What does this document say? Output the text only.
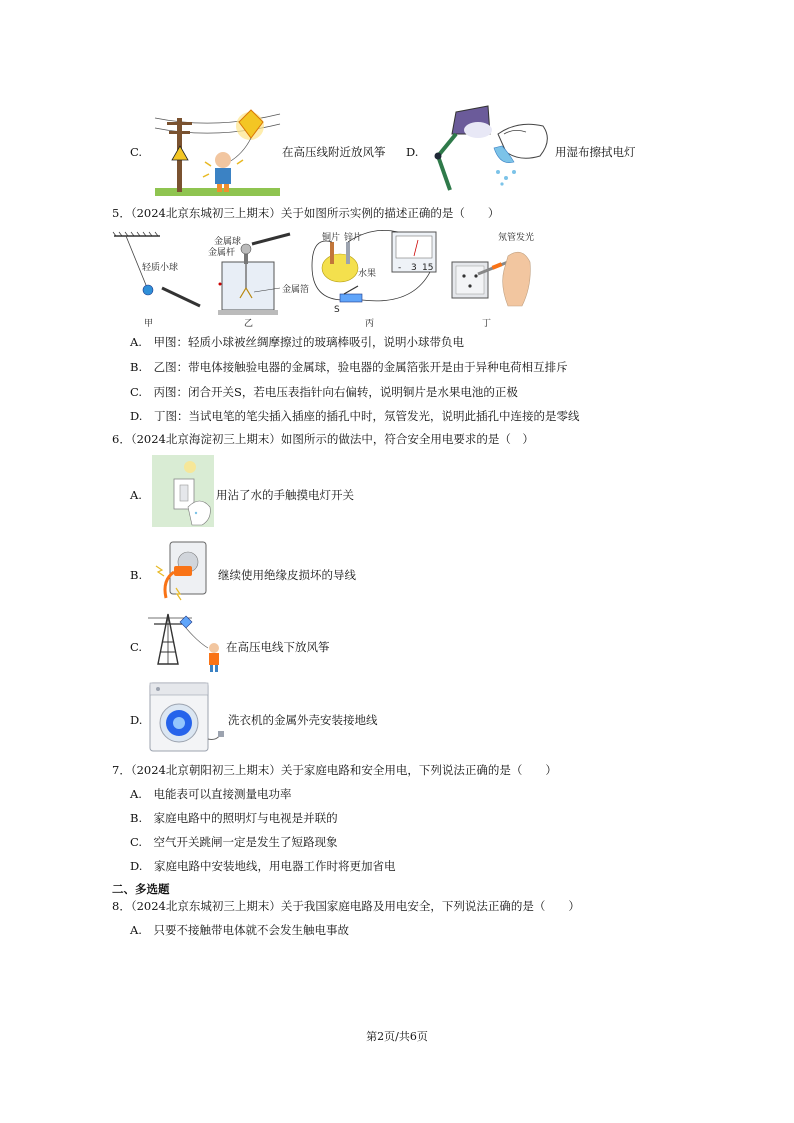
C.	在高压线附近放风筝 D.	用湿布擦拭电灯
5．（2024北京东城初三上期末）关于如图所示实例的描述正确的是（　　）
轻质小球
甲
金属球
金属杆
金属箔
乙
- 3 15
铜片 锌片
水果
S
丙
氖管发光
丁
A.  甲图：轻质小球被丝绸摩擦过的玻璃棒吸引，说明小球带负电
B.  乙图：带电体接触验电器的金属球，验电器的金属箔张开是由于异种电荷相互排斥
C.  丙图：闭合开关S，若电压表指针向右偏转，说明铜片是水果电池的正极
D.  丁图：当试电笔的笔尖插入插座的插孔中时，氖管发光，说明此插孔中连接的是零线
6．（2024北京海淀初三上期末）如图所示的做法中，符合安全用电要求的是（　）
A.	用沾了水的手触摸电灯开关
B.	继续使用绝缘皮损坏的导线
C.	在高压电线下放风筝
D.	洗衣机的金属外壳安装接地线
7．（2024北京朝阳初三上期末）关于家庭电路和安全用电，下列说法正确的是（　　）
A.  电能表可以直接测量电功率
B.  家庭电路中的照明灯与电视是并联的
C.  空气开关跳闸一定是发生了短路现象
D.  家庭电路中安装地线，用电器工作时将更加省电
二、多选题
8．（2024北京东城初三上期末）关于我国家庭电路及用电安全，下列说法正确的是（　　）
A.  只要不接触带电体就不会发生触电事故
第2页/共6页
